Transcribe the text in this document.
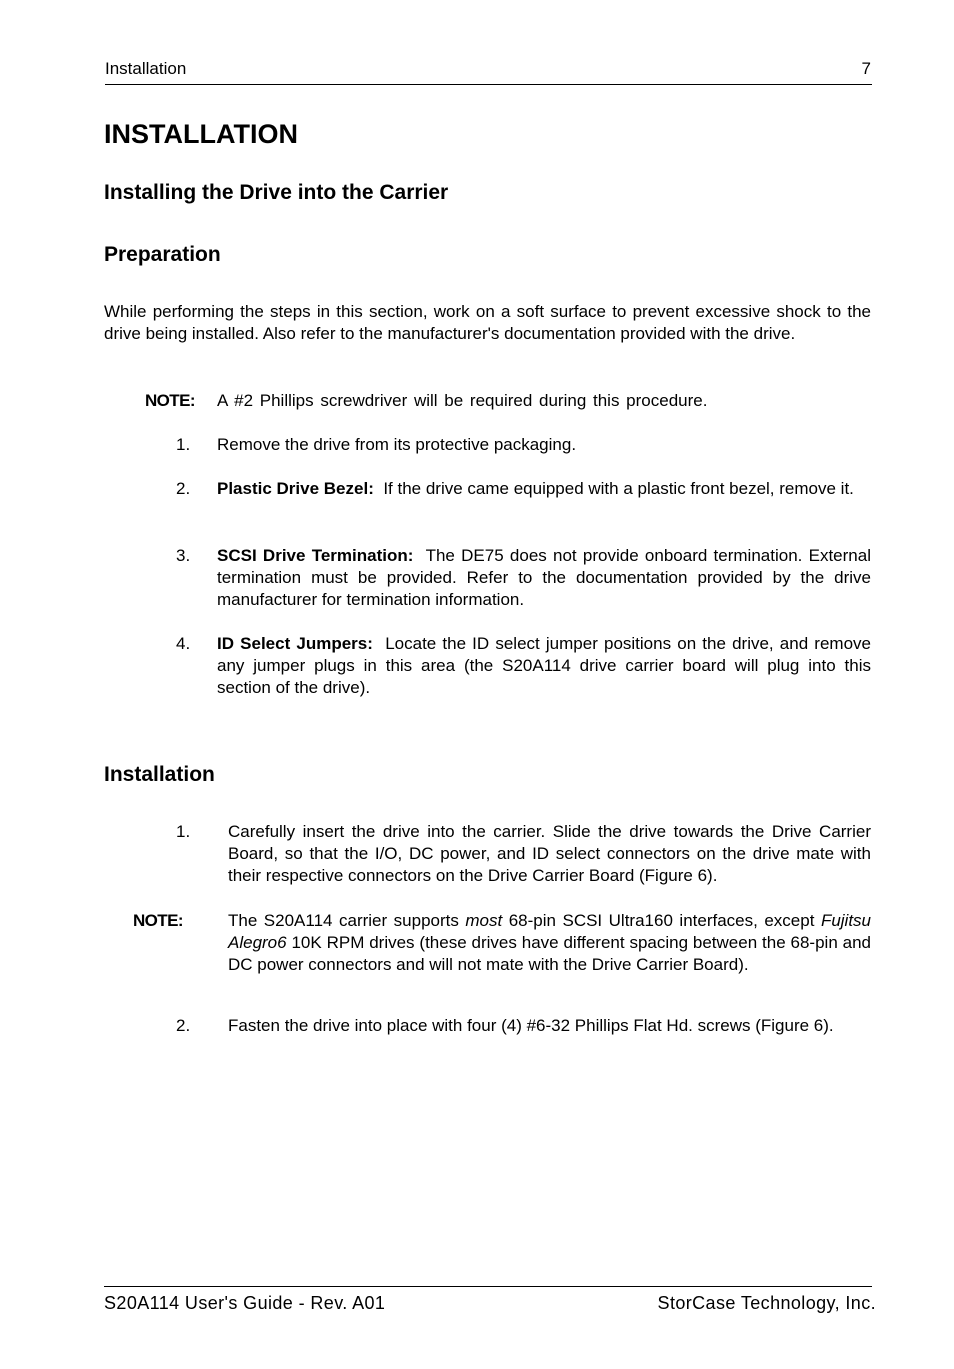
Installation	7
INSTALLATION
Installing the Drive into the Carrier
Preparation

While performing the steps in this section, work on a soft surface to prevent excessive shock to the drive being installed. Also refer to the manufacturer's documentation provided with the drive.

NOTE: A #2 Phillips screwdriver will be required during this procedure.

1. Remove the drive from its protective packaging.

2. Plastic Drive Bezel: If the drive came equipped with a plastic front bezel, remove it.

3. SCSI Drive Termination: The DE75 does not provide onboard termination. External termination must be provided. Refer to the documentation provided by the drive manufacturer for termination information.

4. ID Select Jumpers: Locate the ID select jumper positions on the drive, and remove any jumper plugs in this area (the S20A114 drive carrier board will plug into this section of the drive).

Installation
1. Carefully insert the drive into the carrier. Slide the drive towards the Drive Carrier Board, so that the I/O, DC power, and ID select connectors on the drive mate with their respective connectors on the Drive Carrier Board (Figure 6).

NOTE:	The S20A114 carrier supports most 68-pin SCSI Ultra160 interfaces, except Fujitsu Alegro6 10K RPM drives (these drives have different spacing between the 68-pin and DC power connectors and will not mate with the Drive Carrier Board).

2. Fasten the drive into place with four (4) #6-32 Phillips Flat Hd. screws (Figure 6).

S20A114 User's Guide - Rev. A01	StorCase Technology, Inc.
